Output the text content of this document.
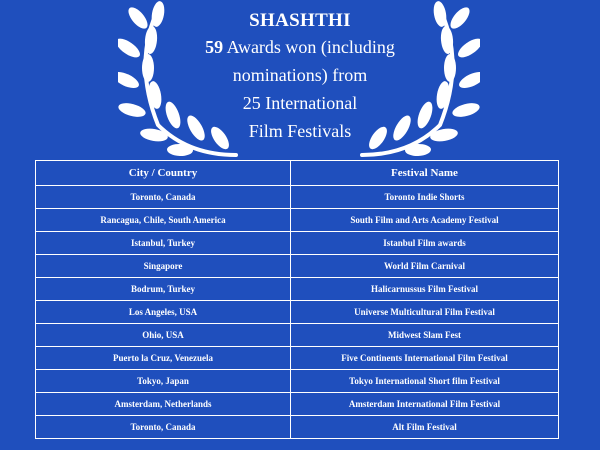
SHASHTHI
59 Awards won (including
nominations) from
25 International
Film Festivals
City / Country	Festival Name
Toronto, Canada	Toronto Indie Shorts
Rancagua, Chile, South America	South Film and Arts Academy Festival
Istanbul, Turkey	Istanbul Film awards
Singapore	World Film Carnival
Bodrum, Turkey	Halicarnussus Film Festival
Los Angeles, USA	Universe Multicultural Film Festival
Ohio, USA	Midwest Slam Fest
Puerto la Cruz, Venezuela	Five Continents International Film Festival
Tokyo, Japan	Tokyo International Short film Festival
Amsterdam, Netherlands	Amsterdam International Film Festival
Toronto, Canada	Alt Film Festival
